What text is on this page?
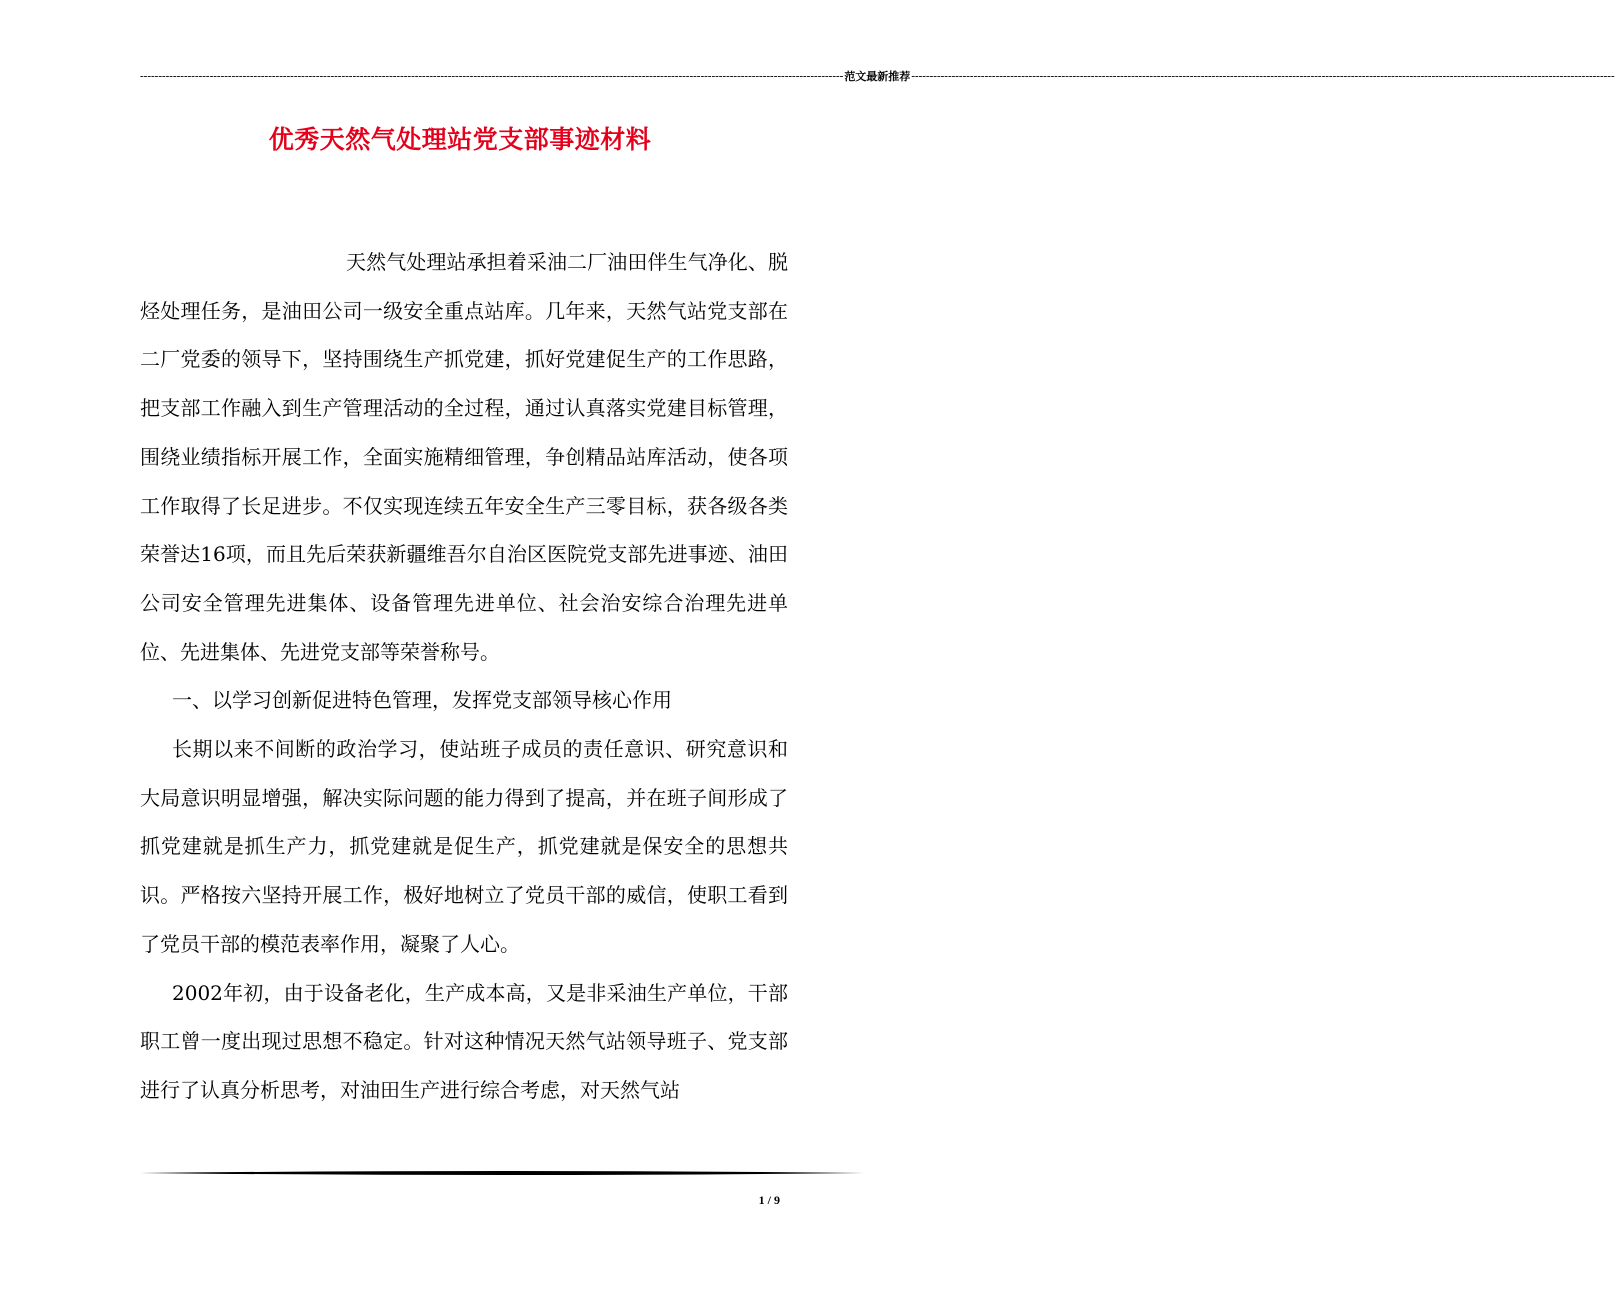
------------------------------------------------------------------------------------------------------------------------------------------------------------------------------------------------ 范文最新推荐 ------------------------------------------------------------------------------------------------------------------------------------------------------------------------------------------------
优秀天然气处理站党支部事迹材料

天然气处理站承担着采油二厂油田伴生气净化、脱烃处理任务，是油田公司一级安全重点站库。几年来，天然气站党支部在二厂党委的领导下，坚持围绕生产抓党建，抓好党建促生产的工作思路，把支部工作融入到生产管理活动的全过程，通过认真落实党建目标管理，围绕业绩指标开展工作，全面实施精细管理，争创精品站库活动，使各项工作取得了长足进步。不仅实现连续五年安全生产三零目标，获各级各类荣誉达16项，而且先后荣获新疆维吾尔自治区医院党支部先进事迹、油田公司安全管理先进集体、设备管理先进单位、社会治安综合治理先进单位、先进集体、先进党支部等荣誉称号。

一、以学习创新促进特色管理，发挥党支部领导核心作用

长期以来不间断的政治学习，使站班子成员的责任意识、研究意识和大局意识明显增强，解决实际问题的能力得到了提高，并在班子间形成了抓党建就是抓生产力，抓党建就是促生产，抓党建就是保安全的思想共识。严格按六坚持开展工作，极好地树立了党员干部的威信，使职工看到了党员干部的模范表率作用，凝聚了人心。

2002年初，由于设备老化，生产成本高，又是非采油生产单位，干部职工曾一度出现过思想不稳定。针对这种情况天然气站领导班子、党支部进行了认真分析思考，对油田生产进行综合考虑，对天然气站

1 / 9
